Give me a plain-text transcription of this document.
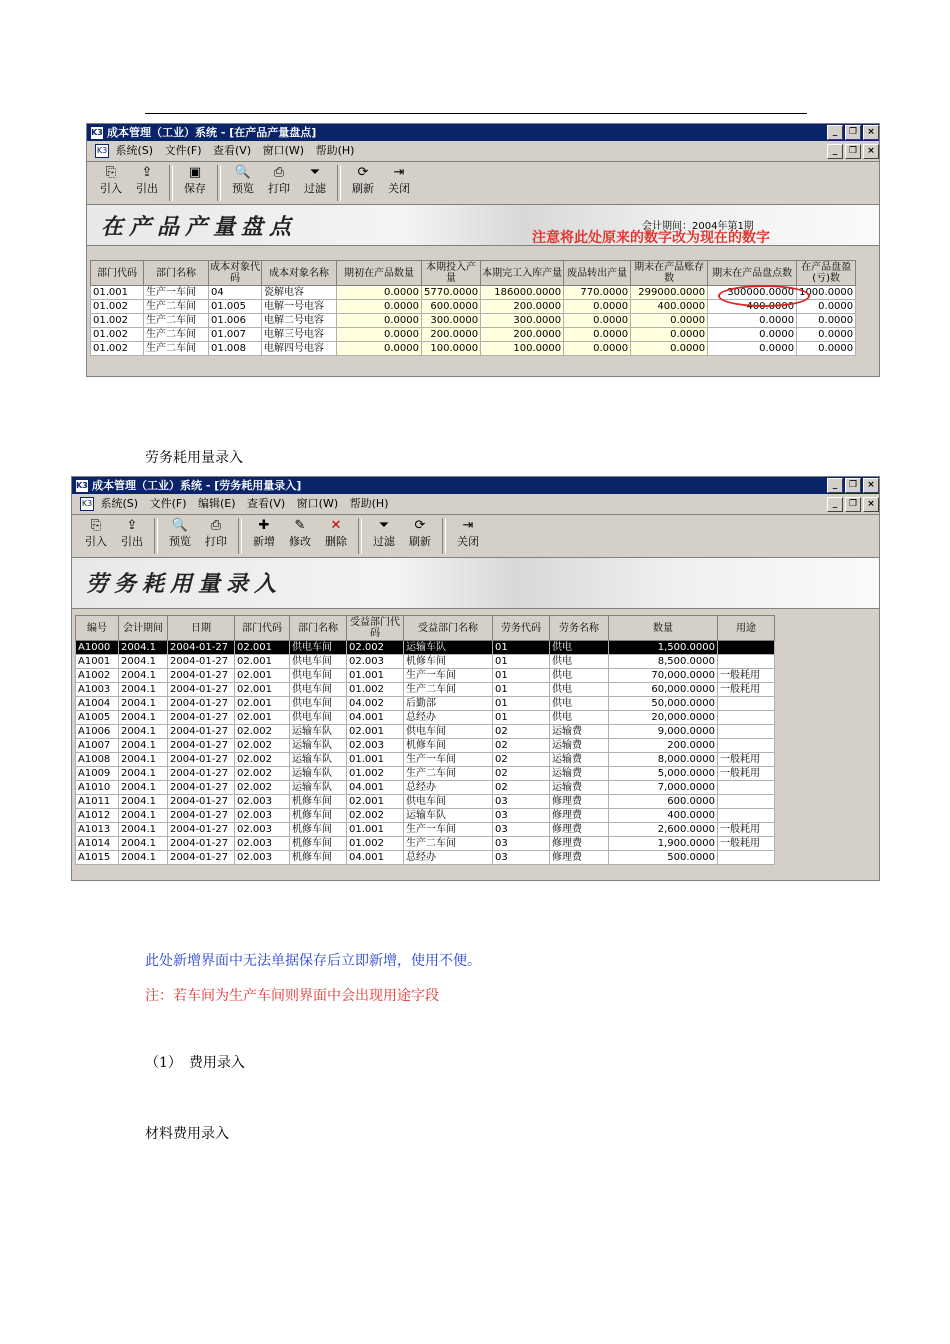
K3 成本管理（工业）系统 - [在产品产量盘点]	_	❐	×
K3 系统(S) 文件(F) 查看(V) 窗口(W) 帮助(H)	_	❐	×
⎘
引入
⇪
引出
▣
保存
🔍
预览
⎙
打印
⏷
过滤
⟳
刷新
⇥
关闭
在产品产量盘点	会计期间：2004年第1期
注意将此处原来的数字改为现在的数字
部门代码	部门名称	成本对象代码	成本对象名称	期初在产品数量	本期投入产量	本期完工入库产量	废品转出产量	期末在产品账存数	期末在产品盘点数	在产品盘盈(亏)数
01.001	生产一车间	04	瓷解电容	0.0000	5770.0000	186000.0000	770.0000	299000.0000	300000.0000	1000.0000
01.002	生产二车间	01.005	电解一号电容	0.0000	600.0000	200.0000	0.0000	400.0000	400.0000	0.0000
01.002	生产二车间	01.006	电解二号电容	0.0000	300.0000	300.0000	0.0000	0.0000	0.0000	0.0000
01.002	生产二车间	01.007	电解三号电容	0.0000	200.0000	200.0000	0.0000	0.0000	0.0000	0.0000
01.002	生产二车间	01.008	电解四号电容	0.0000	100.0000	100.0000	0.0000	0.0000	0.0000	0.0000
劳务耗用量录入
K3 成本管理（工业）系统 - [劳务耗用量录入]	_	❐	×
K3 系统(S) 文件(F) 编辑(E) 查看(V) 窗口(W) 帮助(H)	_	❐	×
⎘
引入
⇪
引出
🔍
预览
⎙
打印
✚
新增
✎
修改
✕
删除
⏷
过滤
⟳
刷新
⇥
关闭
劳务耗用量录入
编号	会计期间	日期	部门代码	部门名称	受益部门代码	受益部门名称	劳务代码	劳务名称	数量	用途
A1000	2004.1	2004-01-27	02.001	供电车间	02.002	运输车队	01	供电	1,500.0000	
A1001	2004.1	2004-01-27	02.001	供电车间	02.003	机修车间	01	供电	8,500.0000	
A1002	2004.1	2004-01-27	02.001	供电车间	01.001	生产一车间	01	供电	70,000.0000	一般耗用
A1003	2004.1	2004-01-27	02.001	供电车间	01.002	生产二车间	01	供电	60,000.0000	一般耗用
A1004	2004.1	2004-01-27	02.001	供电车间	04.002	后勤部	01	供电	50,000.0000	
A1005	2004.1	2004-01-27	02.001	供电车间	04.001	总经办	01	供电	20,000.0000	
A1006	2004.1	2004-01-27	02.002	运输车队	02.001	供电车间	02	运输费	9,000.0000	
A1007	2004.1	2004-01-27	02.002	运输车队	02.003	机修车间	02	运输费	200.0000	
A1008	2004.1	2004-01-27	02.002	运输车队	01.001	生产一车间	02	运输费	8,000.0000	一般耗用
A1009	2004.1	2004-01-27	02.002	运输车队	01.002	生产二车间	02	运输费	5,000.0000	一般耗用
A1010	2004.1	2004-01-27	02.002	运输车队	04.001	总经办	02	运输费	7,000.0000	
A1011	2004.1	2004-01-27	02.003	机修车间	02.001	供电车间	03	修理费	600.0000	
A1012	2004.1	2004-01-27	02.003	机修车间	02.002	运输车队	03	修理费	400.0000	
A1013	2004.1	2004-01-27	02.003	机修车间	01.001	生产一车间	03	修理费	2,600.0000	一般耗用
A1014	2004.1	2004-01-27	02.003	机修车间	01.002	生产二车间	03	修理费	1,900.0000	一般耗用
A1015	2004.1	2004-01-27	02.003	机修车间	04.001	总经办	03	修理费	500.0000	
此处新增界面中无法单据保存后立即新增，使用不便。
注：若车间为生产车间则界面中会出现用途字段
（1）　费用录入
材料费用录入
